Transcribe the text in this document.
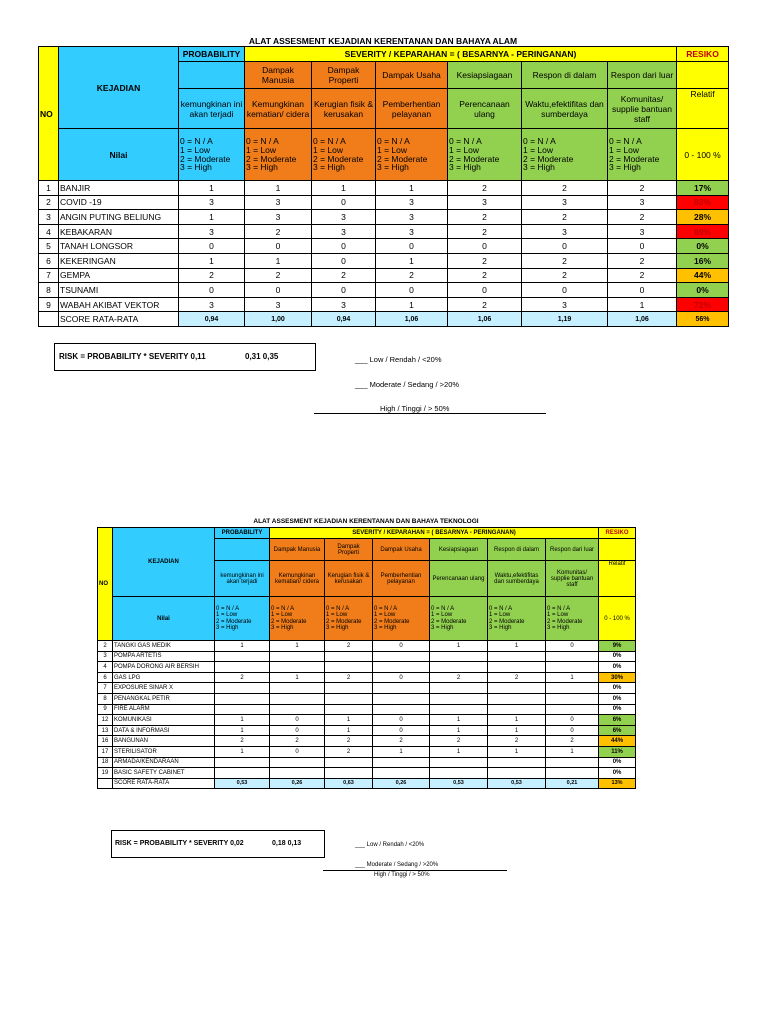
ALAT ASSESMENT KEJADIAN KERENTANAN DAN BAHAYA ALAM
NO	KEJADIAN	PROBABILITY	SEVERITY / KEPARAHAN = ( BESARNYA - PERINGANAN)						RESIKO
			Dampak Manusia	Dampak Properti	Dampak Usaha	Kesiapsiagaan	Respon di dalam	Respon dari luar	
		kemungkinan ini akan terjadi	Kemungkinan kematian/ cidera	Kerugian fisik & kerusakan	Pemberhentian pelayanan	Perencanaan ulang	Waktu,efektifitas dan sumberdaya	Komunitas/ supplie bantuan staff	Relatif
	Nilai	0 = N / A
1 = Low
2 = Moderate
3 = High	0 = N / A
1 = Low
2 = Moderate
3 = High	0 = N / A
1 = Low
2 = Moderate
3 = High	0 = N / A
1 = Low
2 = Moderate
3 = High	0 = N / A
1 = Low
2 = Moderate
3 = High	0 = N / A
1 = Low
2 = Moderate
3 = High	0 = N / A
1 = Low
2 = Moderate
3 = High	0 - 100 %
1	BANJIR	1	1	1	1	2	2	2	17%
2	COVID -19	3	3	0	3	3	3	3	83%
3	ANGIN PUTING BELIUNG	1	3	3	3	2	2	2	28%
4	KEBAKARAN	3	2	3	3	2	3	3	89%
5	TANAH LONGSOR	0	0	0	0	0	0	0	0%
6	KEKERINGAN	1	1	0	1	2	2	2	16%
7	GEMPA	2	2	2	2	2	2	2	44%
8	TSUNAMI	0	0	0	0	0	0	0	0%
9	WABAH AKIBAT VEKTOR	3	3	3	1	2	3	1	72%
	SCORE RATA-RATA	0,94	1,00	0,94	1,06	1,06	1,19	1,06	56%
RISK = PROBABILITY * SEVERITY 0,11	0,31 0,35	___ Low / Rendah / <20%
___ Moderate / Sedang / >20%
High / Tinggi / > 50%
ALAT ASSESMENT KEJADIAN KERENTANAN DAN BAHAYA TEKNOLOGI
NO	KEJADIAN	PROBABILITY	SEVERITY / KEPARAHAN = ( BESARNYA - PERINGANAN)						RESIKO
			Dampak Manusia	Dampak Properti	Dampak Usaha	Kesiapsiagaan	Respon di dalam	Respon dari luar	
		kemungkinan ini akan terjadi	Kemungkinan kematian/ cidera	Kerugian fisik & kerusakan	Pemberhentian pelayanan	Perencanaan ulang	Waktu,efektifitas dan sumberdaya	Komunitas/ supplie bantuan staff	Relatif
	Nilai	0 = N / A
1 = Low
2 = Moderate
3 = High	0 = N / A
1 = Low
2 = Moderate
3 = High	0 = N / A
1 = Low
2 = Moderate
3 = High	0 = N / A
1 = Low
2 = Moderate
3 = High	0 = N / A
1 = Low
2 = Moderate
3 = High	0 = N / A
1 = Low
2 = Moderate
3 = High	0 = N / A
1 = Low
2 = Moderate
3 = High	0 - 100 %
2	TANGKI GAS MEDIK	1	1	2	0	1	1	0	9%
3	POMPA ARTETIS								0%
4	POMPA DORONG AIR BERSIH								0%
6	GAS LPG	2	1	2	0	2	2	1	30%
7	EXPOSURE SINAR X								0%
8	PENANGKAL PETIR								0%
9	FIRE ALARM								0%
12	KOMUNIKASI	1	0	1	0	1	1	0	6%
13	DATA & INFORMASI	1	0	1	0	1	1	0	6%
16	BANGUNAN	2	2	2	2	2	2	2	44%
17	STERILISATOR	1	0	2	1	1	1	1	11%
18	ARMADA/KENDARAAN								0%
19	BASIC SAFETY CABINET								0%
	SCORE RATA-RATA	0,53	0,26	0,63	0,26	0,53	0,53	0,21	13%
RISK = PROBABILITY * SEVERITY 0,02	0,18 0,13	___ Low / Rendah / <20%
___ Moderate / Sedang / >20%
High / Tinggi / > 50%
